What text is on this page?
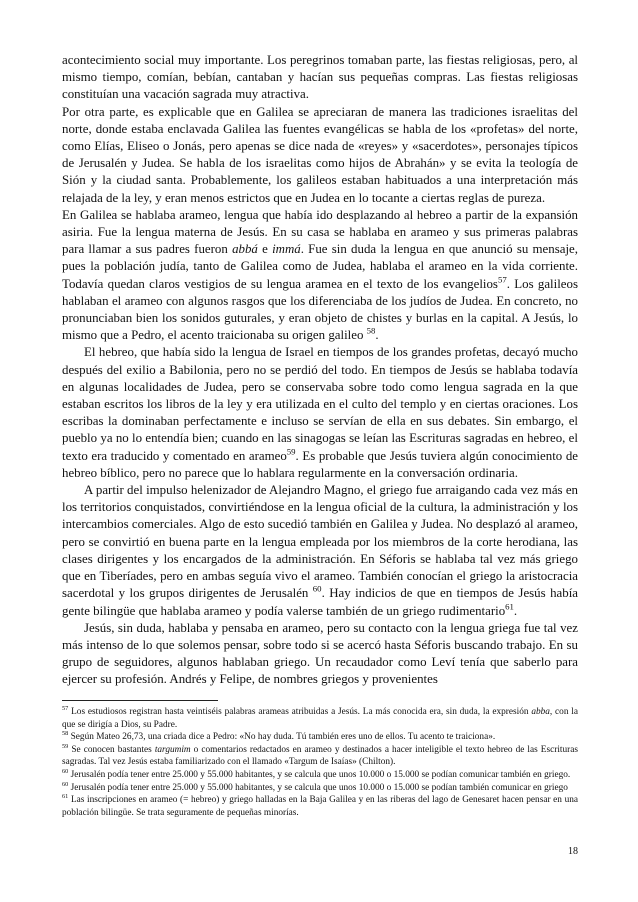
acontecimiento social muy importante. Los peregrinos tomaban parte, las fiestas religiosas, pero, al mismo tiempo, comían, bebían, cantaban y hacían sus pequeñas compras. Las fiestas religiosas constituían una vacación sagrada muy atractiva.

Por otra parte, es explicable que en Galilea se apreciaran de manera las tradiciones israelitas del norte, donde estaba enclavada Galilea las fuentes evangélicas se habla de los «profetas» del norte, como Elías, Eliseo o Jonás, pero apenas se dice nada de «reyes» y «sacerdotes», personajes típicos de Jerusalén y Judea. Se habla de los israelitas como hijos de Abrahán» y se evita la teología de Sión y la ciudad santa. Probablemente, los galileos estaban habituados a una interpretación más relajada de la ley, y eran menos estrictos que en Judea en lo tocante a ciertas reglas de pureza.

En Galilea se hablaba arameo, lengua que había ido desplazando al hebreo a partir de la expansión asiria. Fue la lengua materna de Jesús. En su casa se hablaba en arameo y sus primeras palabras para llamar a sus padres fueron abbá e immá. Fue sin duda la lengua en que anunció su mensaje, pues la población judía, tanto de Galilea como de Judea, hablaba el arameo en la vida corriente. Todavía quedan claros vestigios de su lengua aramea en el texto de los evangelios$^{57}$. Los galileos hablaban el arameo con algunos rasgos que los diferenciaba de los judíos de Judea. En concreto, no pronunciaban bien los sonidos guturales, y eran objeto de chistes y burlas en la capital. A Jesús, lo mismo que a Pedro, el acento traicionaba su origen galileo $^{58}$.

El hebreo, que había sido la lengua de Israel en tiempos de los grandes profetas, decayó mucho después del exilio a Babilonia, pero no se perdió del todo. En tiempos de Jesús se hablaba todavía en algunas localidades de Judea, pero se conservaba sobre todo como lengua sagrada en la que estaban escritos los libros de la ley y era utilizada en el culto del templo y en ciertas oraciones. Los escribas la dominaban perfectamente e incluso se servían de ella en sus debates. Sin embargo, el pueblo ya no lo entendía bien; cuando en las sinagogas se leían las Escrituras sagradas en hebreo, el texto era traducido y comentado en arameo$^{59}$. Es probable que Jesús tuviera algún conocimiento de hebreo bíblico, pero no parece que lo hablara regularmente en la conversación ordinaria.

A partir del impulso helenizador de Alejandro Magno, el griego fue arraigando cada vez más en los territorios conquistados, convirtiéndose en la lengua oficial de la cultura, la administración y los intercambios comerciales. Algo de esto sucedió también en Galilea y Judea. No desplazó al arameo, pero se convirtió en buena parte en la lengua empleada por los miembros de la corte herodiana, las clases dirigentes y los encargados de la administración. En Séforis se hablaba tal vez más griego que en Tiberíades, pero en ambas seguía vivo el arameo. También conocían el griego la aristocracia sacerdotal y los grupos dirigentes de Jerusalén $^{60}$. Hay indicios de que en tiempos de Jesús había gente bilingüe que hablaba arameo y podía valerse también de un griego rudimentario$^{61}$.

Jesús, sin duda, hablaba y pensaba en arameo, pero su contacto con la lengua griega fue tal vez más intenso de lo que solemos pensar, sobre todo si se acercó hasta Séforis buscando trabajo. En su grupo de seguidores, algunos hablaban griego. Un recaudador como Leví tenía que saberlo para ejercer su profesión. Andrés y Felipe, de nombres griegos y provenientes

$^{57}$ Los estudiosos registran hasta veintiséis palabras arameas atribuidas a Jesús. La más conocida era, sin duda, la expresión abba, con la que se dirigía a Dios, su Padre.

$^{58}$ Según Mateo 26,73, una criada dice a Pedro: «No hay duda. Tú también eres uno de ellos. Tu acento te traiciona».

$^{59}$ Se conocen bastantes targumim o comentarios redactados en arameo y destinados a hacer inteligible el texto hebreo de las Escrituras sagradas. Tal vez Jesús estaba familiarizado con el llamado «Targum de Isaías» (Chilton).

$^{60}$ Jerusalén podía tener entre 25.000 y 55.000 habitantes, y se calcula que unos 10.000 o 15.000 se podían comunicar también en griego.

$^{60}$ Jerusalén podía tener entre 25.000 y 55.000 habitantes, y se calcula que unos 10.000 o 15.000 se podían también comunicar en griego

$^{61}$ Las inscripciones en arameo (= hebreo) y griego halladas en la Baja Galilea y en las riberas del lago de Genesaret hacen pensar en una población bilingüe. Se trata seguramente de pequeñas minorías.

18
